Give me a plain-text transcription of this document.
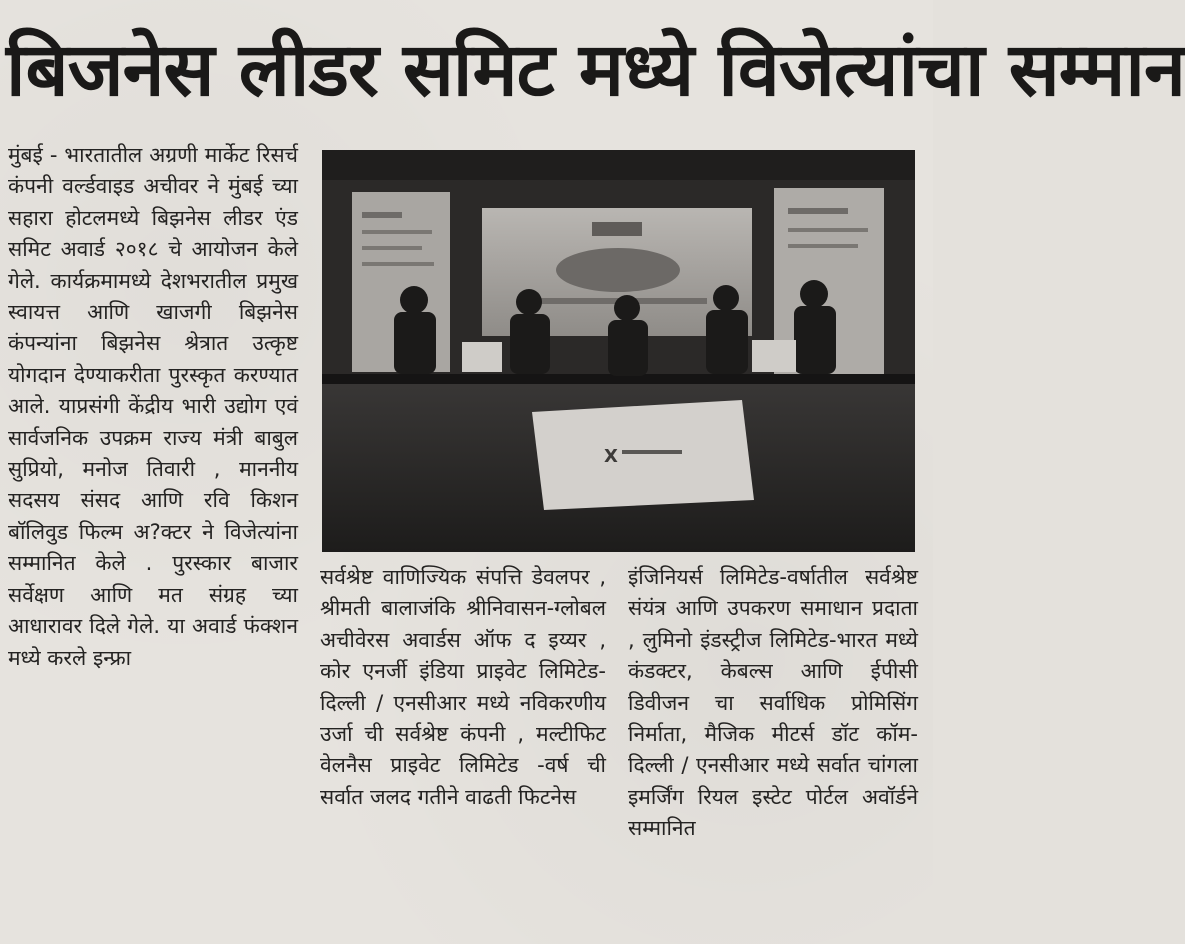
बिजनेस लीडर समिट मध्ये विजेत्यांचा सम्मान
मुंबई - भारतातील अग्रणी मार्केट रिसर्च कंपनी वर्ल्डवाइड अचीवर ने मुंबई च्या सहारा होटलमध्ये बिझनेस लीडर एंड समिट अवार्ड २०१८ चे आयोजन केले गेले. कार्यक्रमामध्ये देशभरातील प्रमुख स्वायत्त आणि खाजगी बिझनेस कंपन्यांना बिझनेस श्रेत्रात उत्कृष्ट योगदान देण्याकरीता पुरस्कृत करण्यात आले. याप्रसंगी केंद्रीय भारी उद्योग एवं सार्वजनिक उपक्रम राज्य मंत्री बाबुल सुप्रियो, मनोज तिवारी , माननीय सदसय संसद आणि रवि किशन बॉलिवुड फिल्म अ?क्टर ने विजेत्यांना सम्मानित केले . पुरस्कार बाजार सर्वेक्षण आणि मत संग्रह च्या आधारावर दिले गेले. या अवार्ड फंक्शन मध्ये करले इन्फ्रा
X
सर्वश्रेष्ट वाणिज्यिक संपत्ति डेवलपर , श्रीमती बालाजंकि श्रीनिवासन-ग्लोबल अचीवेरस अवार्डस ऑफ द इय्यर , कोर एनर्जी इंडिया प्राइवेट लिमिटेड-दिल्ली / एनसीआर मध्ये नविकरणीय उर्जा ची सर्वश्रेष्ट कंपनी , मल्टीफिट वेलनैस प्राइवेट लिमिटेड -वर्ष ची सर्वात जलद गतीने वाढती फिटनेस
इंजिनियर्स लिमिटेड-वर्षातील सर्वश्रेष्ट संयंत्र आणि उपकरण समाधान प्रदाता , लुमिनो इंडस्ट्रीज लिमिटेड-भारत मध्ये कंडक्टर, केबल्स आणि ईपीसी डिवीजन चा सर्वाधिक प्रोमिसिंग निर्माता, मैजिक मीटर्स डॉट कॉम-दिल्ली / एनसीआर मध्ये सर्वात चांगला इमर्जिंग रियल इस्टेट पोर्टल अवॉर्डने सम्मानित
